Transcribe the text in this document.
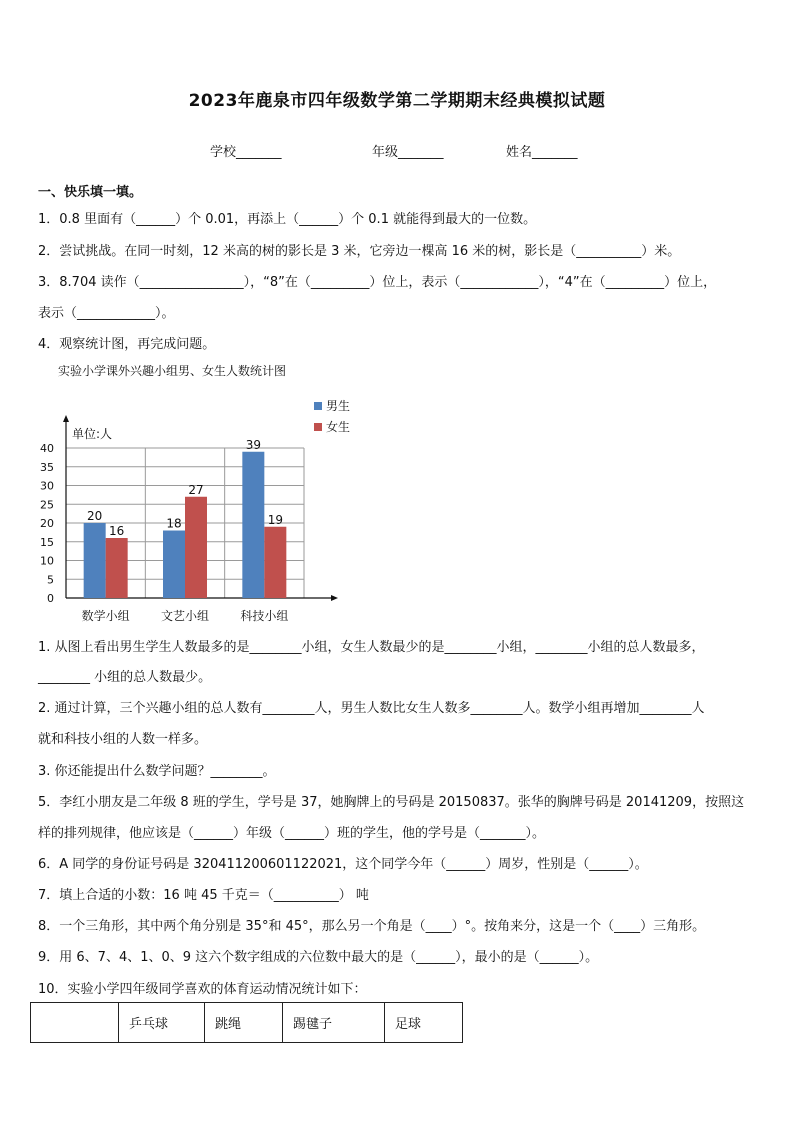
2023年鹿泉市四年级数学第二学期期末经典模拟试题
学校_______	年级_______	姓名_______
一、快乐填一填。
1．0.8 里面有（______）个 0.01，再添上（______）个 0.1 就能得到最大的一位数。
2．尝试挑战。在同一时刻，12 米高的树的影长是 3 米，它旁边一棵高 16 米的树，影长是（__________）米。
3．8.704 读作（________________），“8”在（_________）位上，表示（____________），“4”在（_________）位上，
表示（____________）。
4．观察统计图，再完成问题。
实验小学课外兴趣小组男、女生人数统计图
0
5
10
15
20
25
30
35
40
单位:人
20
16
数学小组
18
27
文艺小组
39
19
科技小组
男生
女生
1. 从图上看出男生学生人数最多的是________小组，女生人数最少的是________小组，________小组的总人数最多，
________ 小组的总人数最少。
2. 通过计算，三个兴趣小组的总人数有________人，男生人数比女生人数多________人。数学小组再增加________人
就和科技小组的人数一样多。
3. 你还能提出什么数学问题？________。
5．李红小朋友是二年级 8 班的学生，学号是 37，她胸牌上的号码是 20150837。张华的胸牌号码是 20141209，按照这
样的排列规律，他应该是（______）年级（______）班的学生，他的学号是（_______）。
6．A 同学的身份证号码是 320411200601122021，这个同学今年（______）周岁，性别是（______）。
7．填上合适的小数：16 吨 45 千克＝（__________） 吨
8．一个三角形，其中两个角分别是 35°和 45°，那么另一个角是（____）°。按角来分，这是一个（____）三角形。
9．用 6、7、4、1、0、9 这六个数字组成的六位数中最大的是（______），最小的是（______）。
10．实验小学四年级同学喜欢的体育运动情况统计如下：
	乒乓球	跳绳	踢毽子	足球
